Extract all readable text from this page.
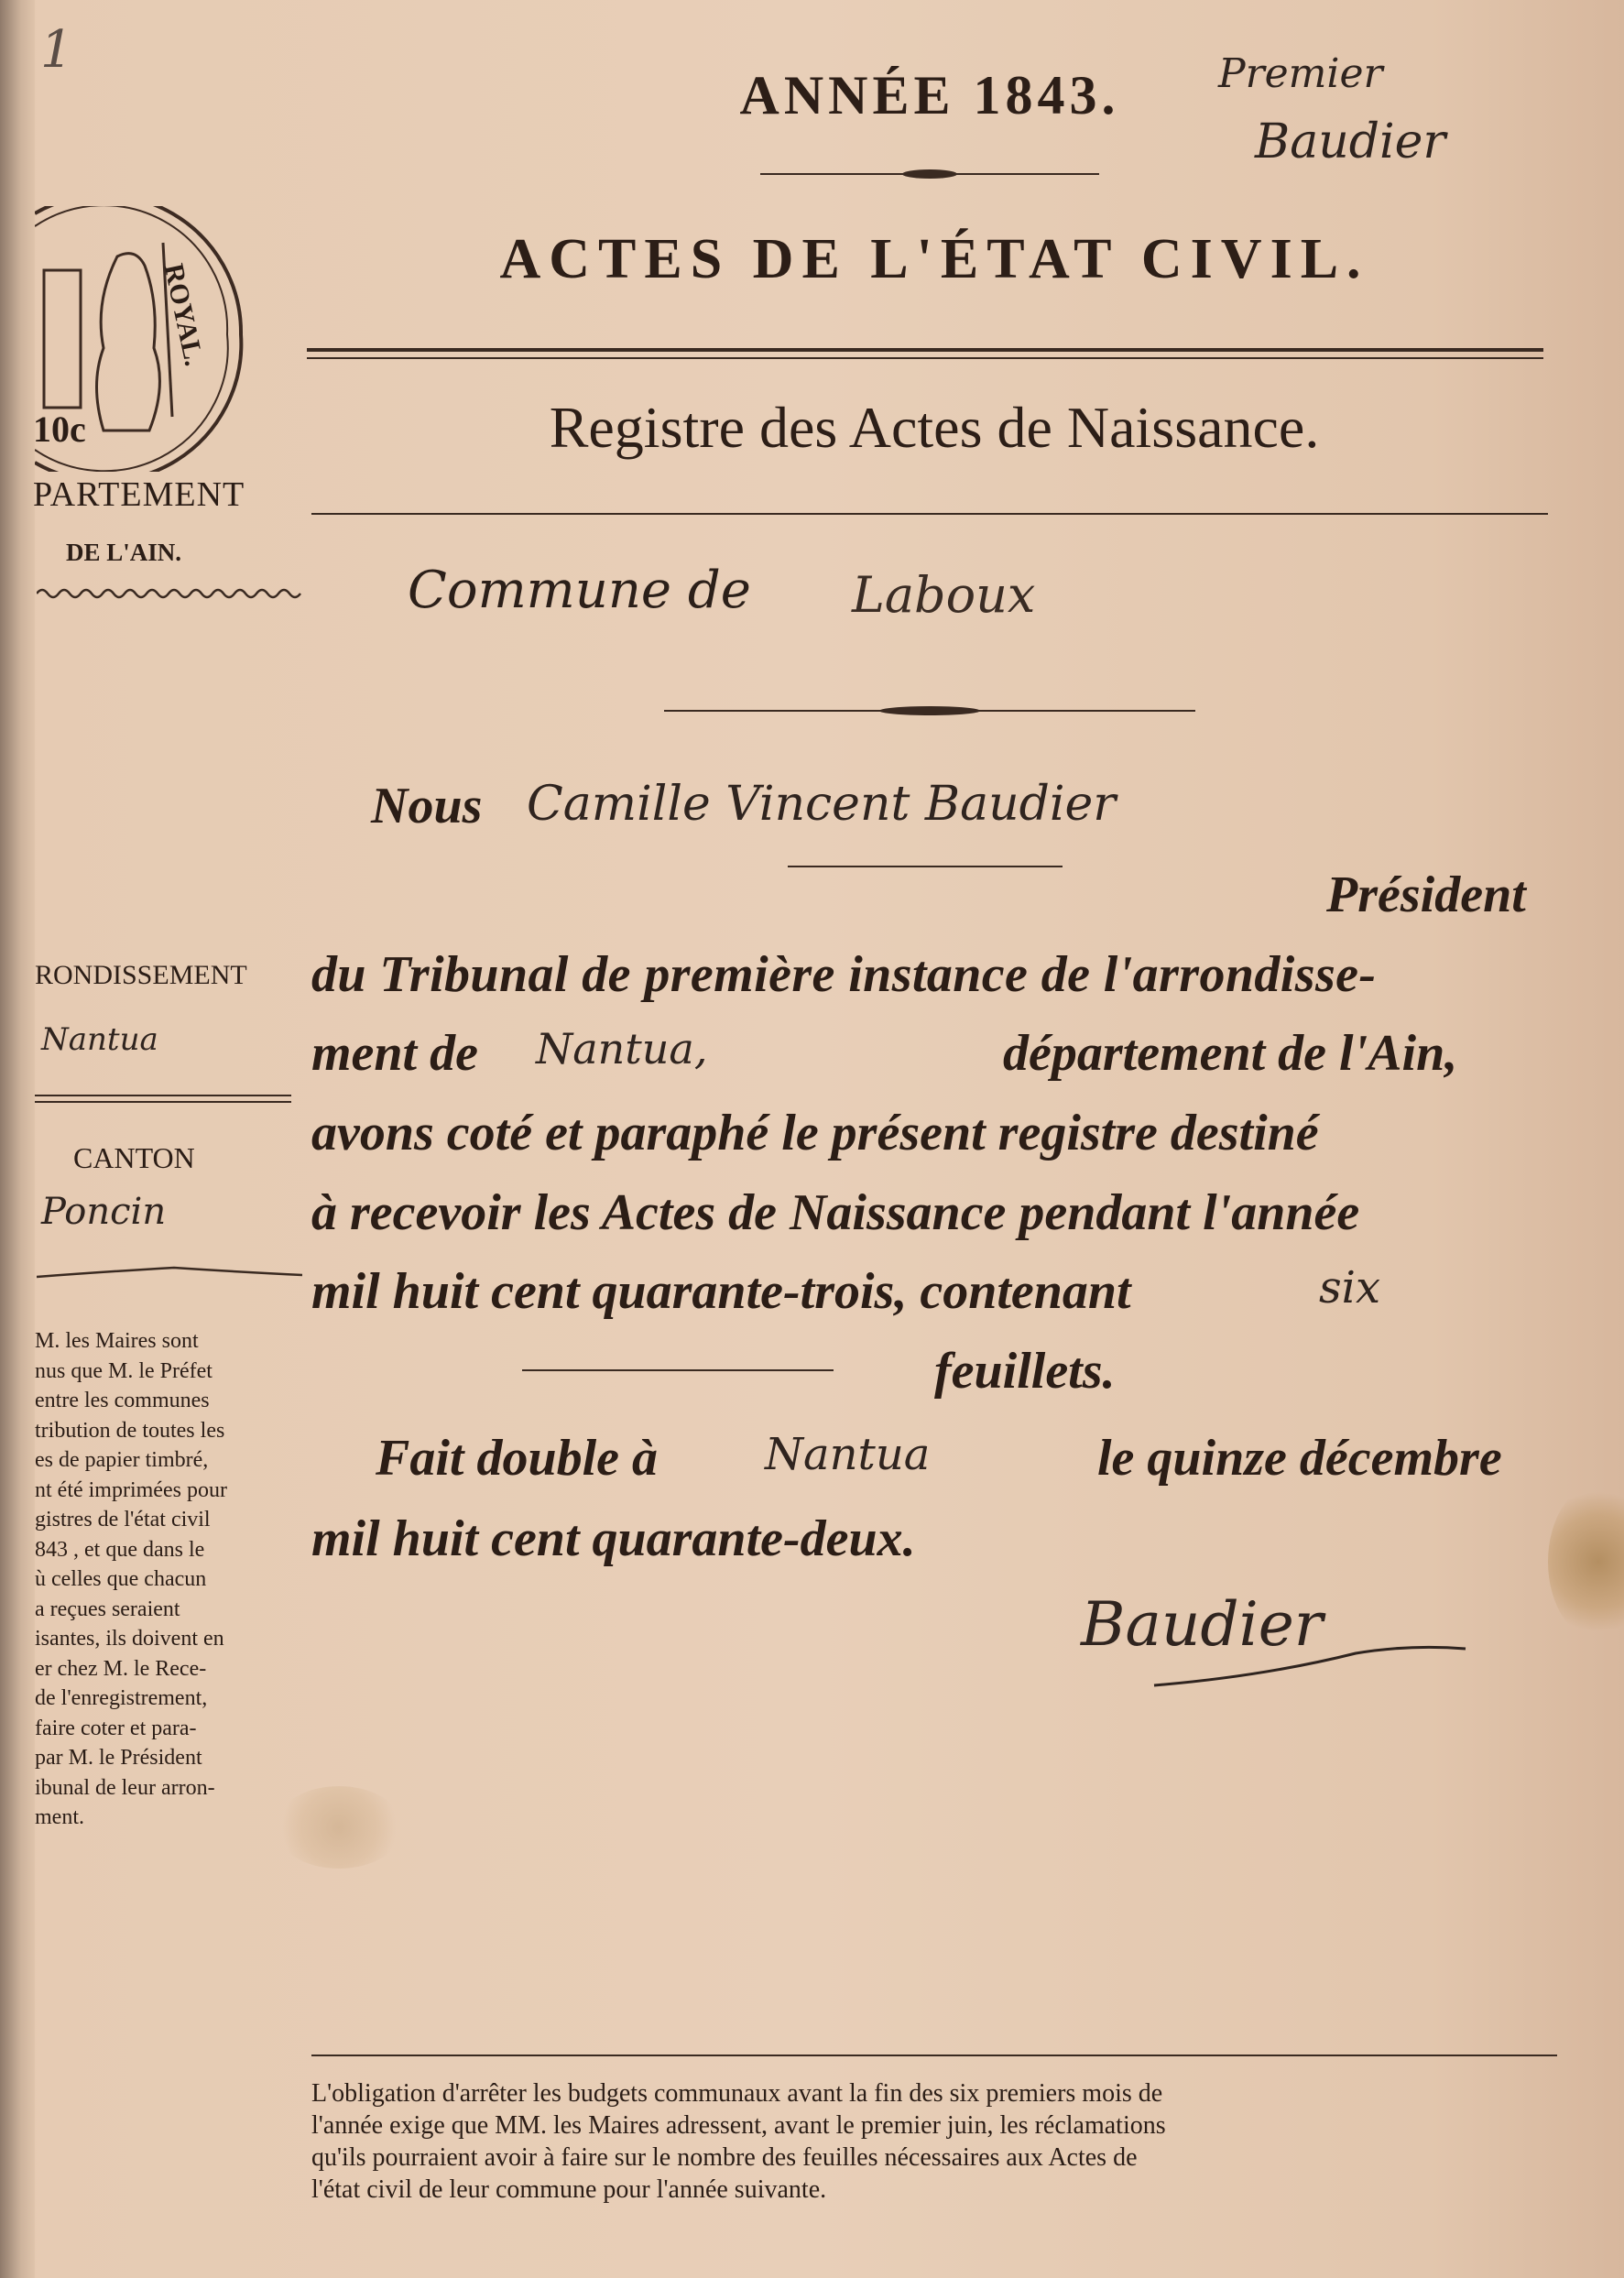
1	Premier
Baudier
ANNÉE 1843.
ACTES DE L'ÉTAT CIVIL.
Registre des Actes de Naissance.
ROYAL.
10c
PARTEMENT
DE L'AIN.
RONDISSEMENT
Nantua
CANTON
Poncin
M. les Maires sont
nus que M. le Préfet
entre les communes
tribution de toutes les
es de papier timbré,
nt été imprimées pour
gistres de l'état civil
843 , et que dans le
ù celles que chacun
a reçues seraient
isantes, ils doivent en
er chez M. le Rece-
de l'enregistrement,
faire coter et para-
par M. le Président
ibunal de leur arron-
ment.
Commune de Laboux
Nous Camille Vincent Baudier
Président
du Tribunal de première instance de l'arrondisse-
ment de Nantua,	département de l'Ain,
avons coté et paraphé le présent registre destiné
à recevoir les Actes de Naissance pendant l'année
mil huit cent quarante-trois, contenant	six
feuillets.
Fait double à Nantua	le quinze décembre
mil huit cent quarante-deux.
Baudier
L'obligation d'arrêter les budgets communaux avant la fin des six premiers mois de
l'année exige que MM. les Maires adressent, avant le premier juin, les réclamations
qu'ils pourraient avoir à faire sur le nombre des feuilles nécessaires aux Actes de
l'état civil de leur commune pour l'année suivante.
